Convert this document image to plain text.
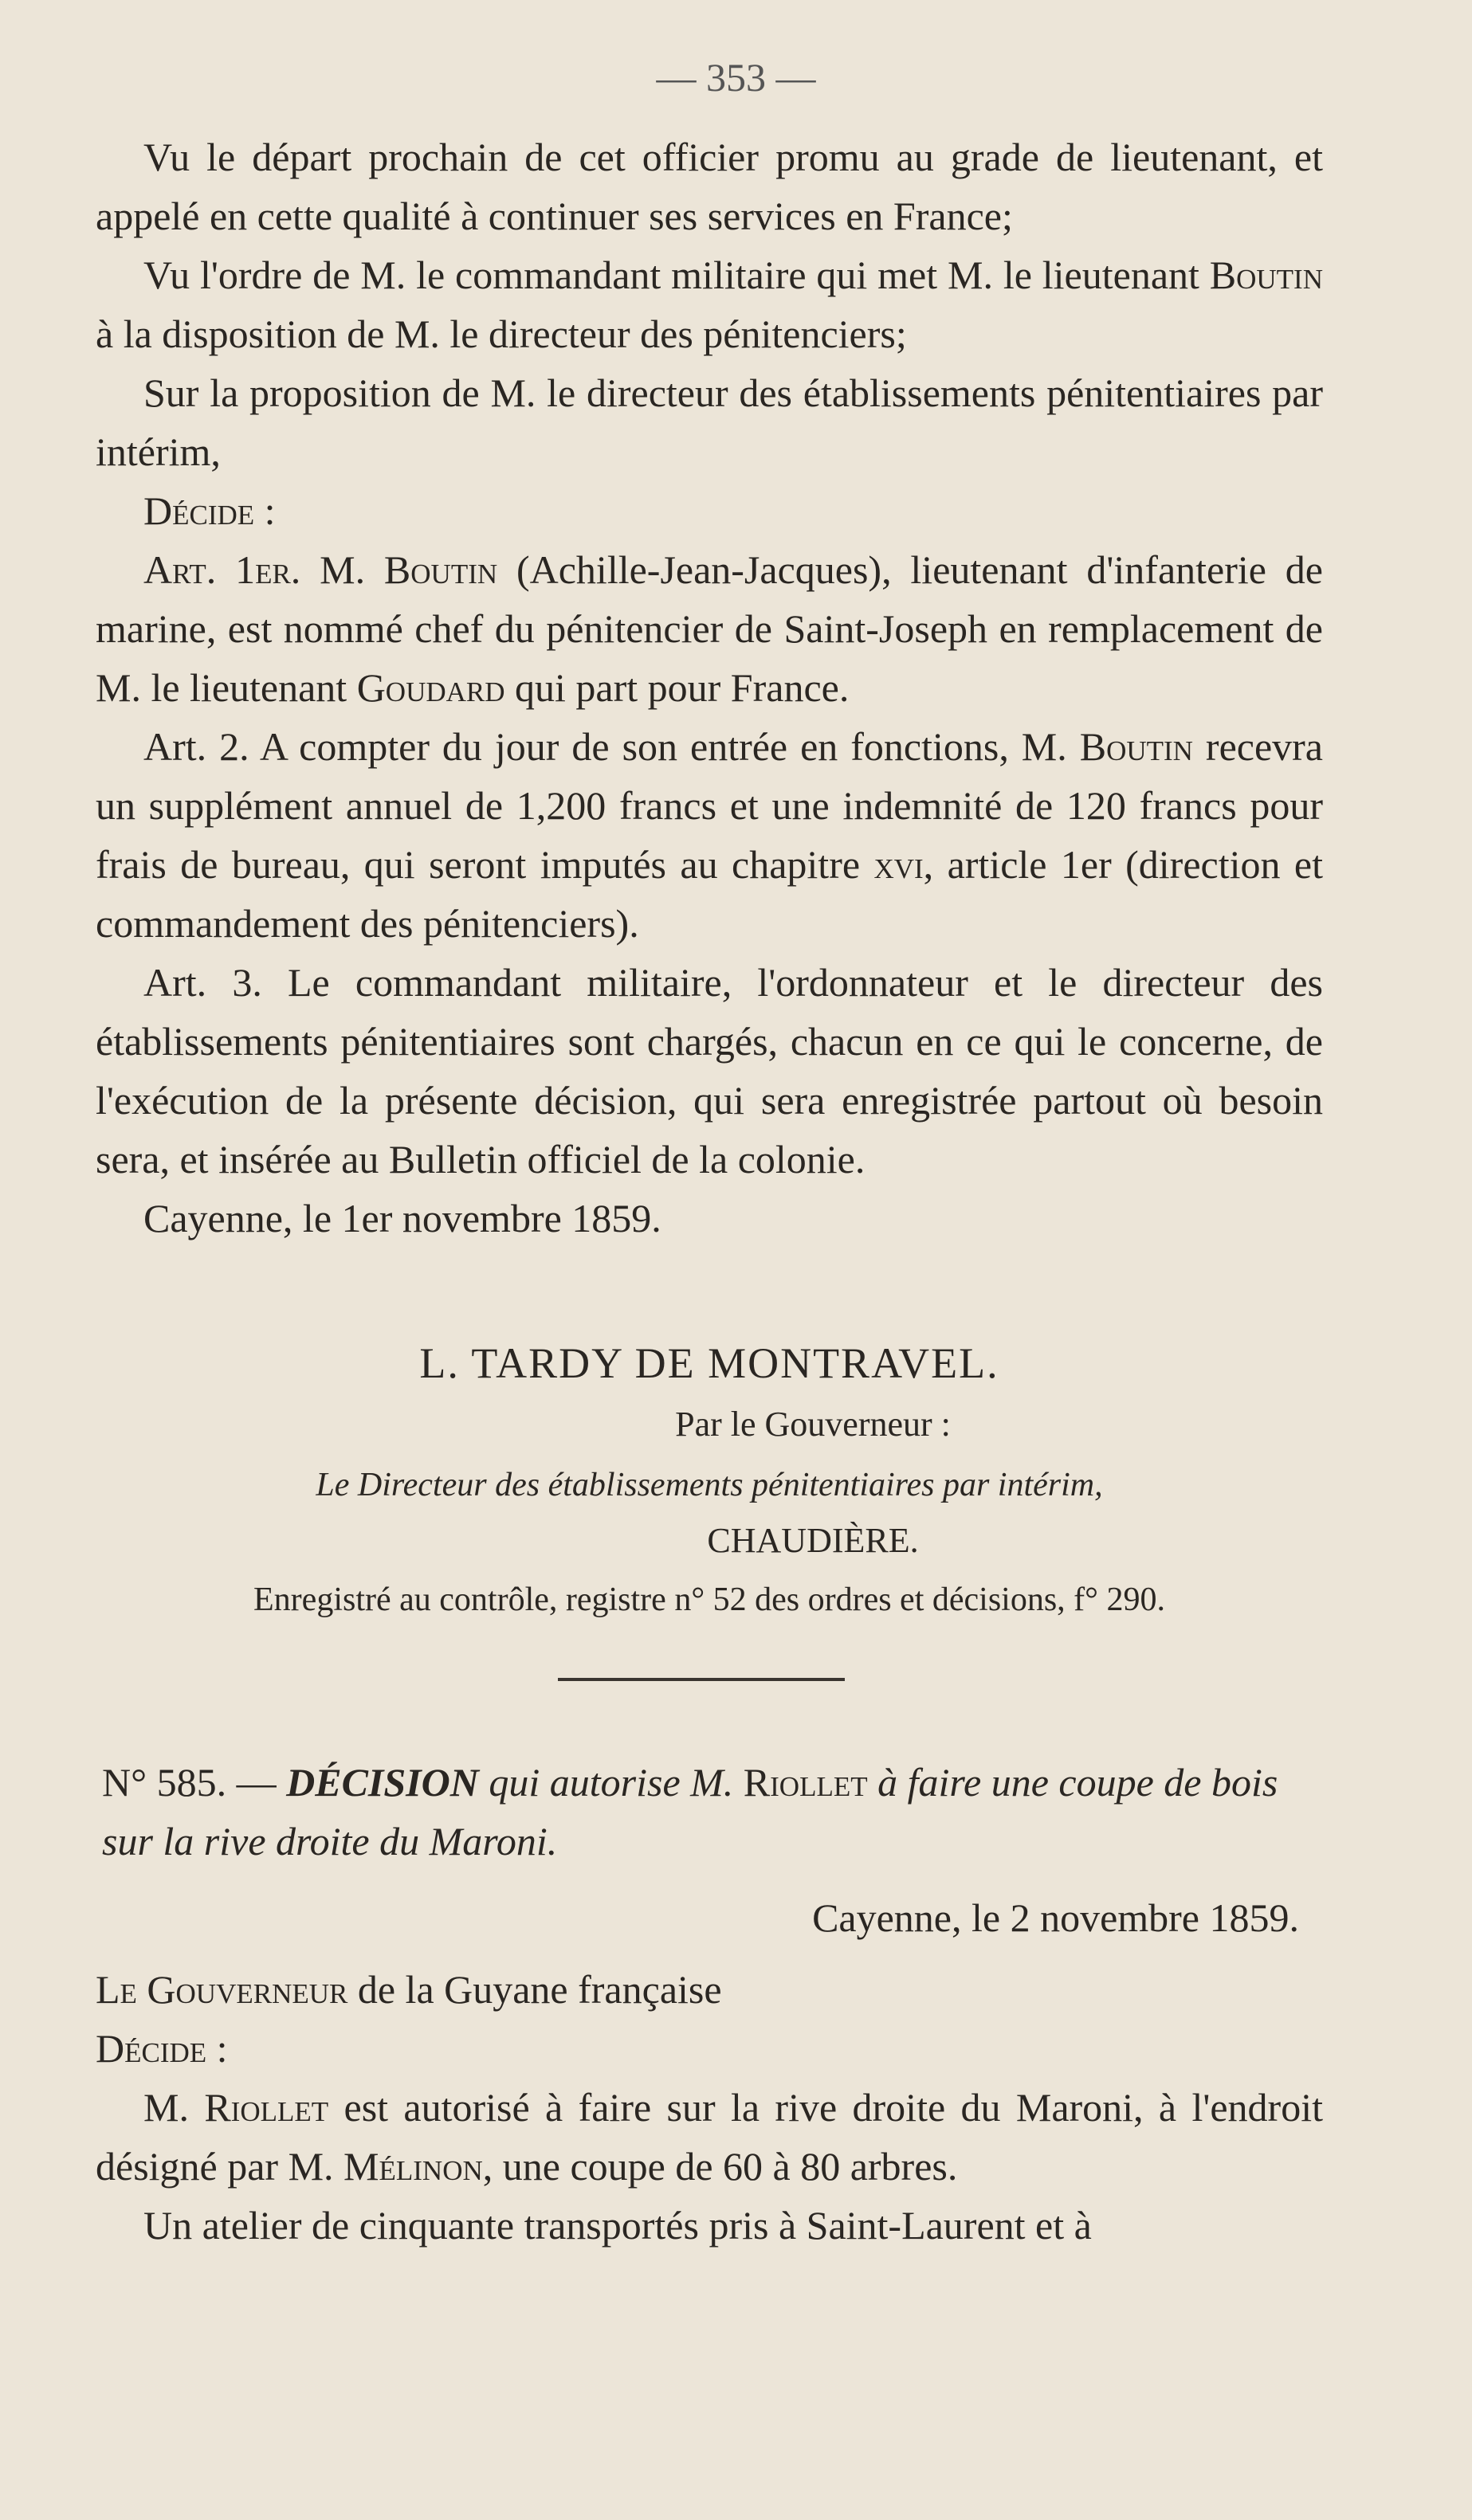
— 353 —

Vu le départ prochain de cet officier promu au grade de lieutenant, et appelé en cette qualité à continuer ses services en France;

Vu l'ordre de M. le commandant militaire qui met M. le lieutenant Boutin à la disposition de M. le directeur des pénitenciers;

Sur la proposition de M. le directeur des établissements pénitentiaires par intérim,

Décide :

Art. 1er. M. Boutin (Achille-Jean-Jacques), lieutenant d'infanterie de marine, est nommé chef du pénitencier de Saint-Joseph en remplacement de M. le lieutenant Goudard qui part pour France.

Art. 2. A compter du jour de son entrée en fonctions, M. Boutin recevra un supplément annuel de 1,200 francs et une indemnité de 120 francs pour frais de bureau, qui seront imputés au chapitre xvi, article 1er (direction et commandement des pénitenciers).

Art. 3. Le commandant militaire, l'ordonnateur et le directeur des établissements pénitentiaires sont chargés, chacun en ce qui le concerne, de l'exécution de la présente décision, qui sera enregistrée partout où besoin sera, et insérée au Bulletin officiel de la colonie.

Cayenne, le 1er novembre 1859.

L. TARDY DE MONTRAVEL.
Par le Gouverneur :
Le Directeur des établissements pénitentiaires par intérim,
CHAUDIÈRE.
Enregistré au contrôle, registre n° 52 des ordres et décisions, f° 290.

N° 585. — DÉCISION qui autorise M. Riollet à faire une coupe de bois sur la rive droite du Maroni.

Cayenne, le 2 novembre 1859.

Le Gouverneur de la Guyane française

Décide :

M. Riollet est autorisé à faire sur la rive droite du Maroni, à l'endroit désigné par M. Mélinon, une coupe de 60 à 80 arbres.

Un atelier de cinquante transportés pris à Saint-Laurent et à
